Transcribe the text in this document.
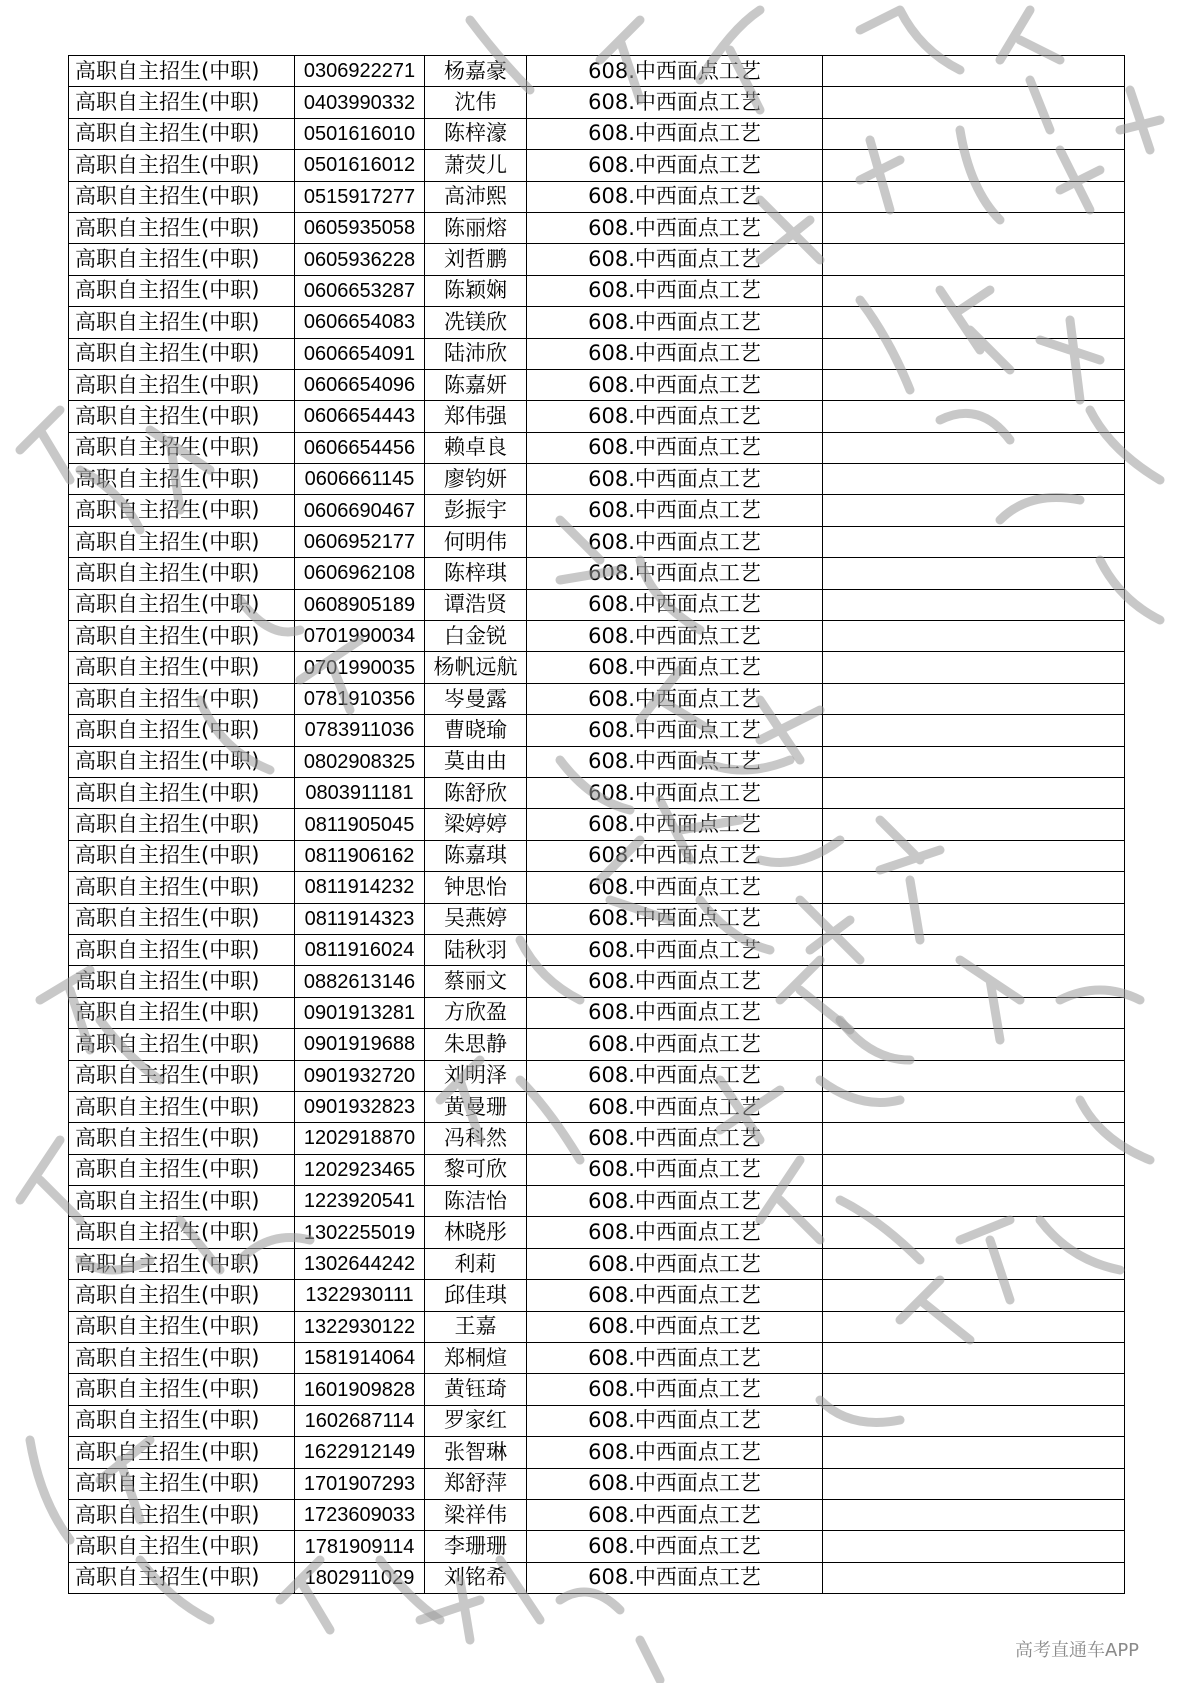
高职自主招生(中职)	0306922271	杨嘉豪	608.中西面点工艺	
高职自主招生(中职)	0403990332	沈伟	608.中西面点工艺	
高职自主招生(中职)	0501616010	陈梓濠	608.中西面点工艺	
高职自主招生(中职)	0501616012	萧荧儿	608.中西面点工艺	
高职自主招生(中职)	0515917277	高沛熙	608.中西面点工艺	
高职自主招生(中职)	0605935058	陈丽熔	608.中西面点工艺	
高职自主招生(中职)	0605936228	刘哲鹏	608.中西面点工艺	
高职自主招生(中职)	0606653287	陈颖娴	608.中西面点工艺	
高职自主招生(中职)	0606654083	冼镁欣	608.中西面点工艺	
高职自主招生(中职)	0606654091	陆沛欣	608.中西面点工艺	
高职自主招生(中职)	0606654096	陈嘉妍	608.中西面点工艺	
高职自主招生(中职)	0606654443	郑伟强	608.中西面点工艺	
高职自主招生(中职)	0606654456	赖卓良	608.中西面点工艺	
高职自主招生(中职)	0606661145	廖钧妍	608.中西面点工艺	
高职自主招生(中职)	0606690467	彭振宇	608.中西面点工艺	
高职自主招生(中职)	0606952177	何明伟	608.中西面点工艺	
高职自主招生(中职)	0606962108	陈梓琪	608.中西面点工艺	
高职自主招生(中职)	0608905189	谭浩贤	608.中西面点工艺	
高职自主招生(中职)	0701990034	白金锐	608.中西面点工艺	
高职自主招生(中职)	0701990035	杨帆远航	608.中西面点工艺	
高职自主招生(中职)	0781910356	岑曼露	608.中西面点工艺	
高职自主招生(中职)	0783911036	曹晓瑜	608.中西面点工艺	
高职自主招生(中职)	0802908325	莫由由	608.中西面点工艺	
高职自主招生(中职)	0803911181	陈舒欣	608.中西面点工艺	
高职自主招生(中职)	0811905045	梁婷婷	608.中西面点工艺	
高职自主招生(中职)	0811906162	陈嘉琪	608.中西面点工艺	
高职自主招生(中职)	0811914232	钟思怡	608.中西面点工艺	
高职自主招生(中职)	0811914323	吴燕婷	608.中西面点工艺	
高职自主招生(中职)	0811916024	陆秋羽	608.中西面点工艺	
高职自主招生(中职)	0882613146	蔡丽文	608.中西面点工艺	
高职自主招生(中职)	0901913281	方欣盈	608.中西面点工艺	
高职自主招生(中职)	0901919688	朱思静	608.中西面点工艺	
高职自主招生(中职)	0901932720	刘明泽	608.中西面点工艺	
高职自主招生(中职)	0901932823	黄曼珊	608.中西面点工艺	
高职自主招生(中职)	1202918870	冯科然	608.中西面点工艺	
高职自主招生(中职)	1202923465	黎可欣	608.中西面点工艺	
高职自主招生(中职)	1223920541	陈洁怡	608.中西面点工艺	
高职自主招生(中职)	1302255019	林晓彤	608.中西面点工艺	
高职自主招生(中职)	1302644242	利莉	608.中西面点工艺	
高职自主招生(中职)	1322930111	邱佳琪	608.中西面点工艺	
高职自主招生(中职)	1322930122	王嘉	608.中西面点工艺	
高职自主招生(中职)	1581914064	郑桐煊	608.中西面点工艺	
高职自主招生(中职)	1601909828	黄钰琦	608.中西面点工艺	
高职自主招生(中职)	1602687114	罗家红	608.中西面点工艺	
高职自主招生(中职)	1622912149	张智琳	608.中西面点工艺	
高职自主招生(中职)	1701907293	郑舒萍	608.中西面点工艺	
高职自主招生(中职)	1723609033	梁祥伟	608.中西面点工艺	
高职自主招生(中职)	1781909114	李珊珊	608.中西面点工艺	
高职自主招生(中职)	1802911029	刘铭希	608.中西面点工艺	
高考直通车APP
